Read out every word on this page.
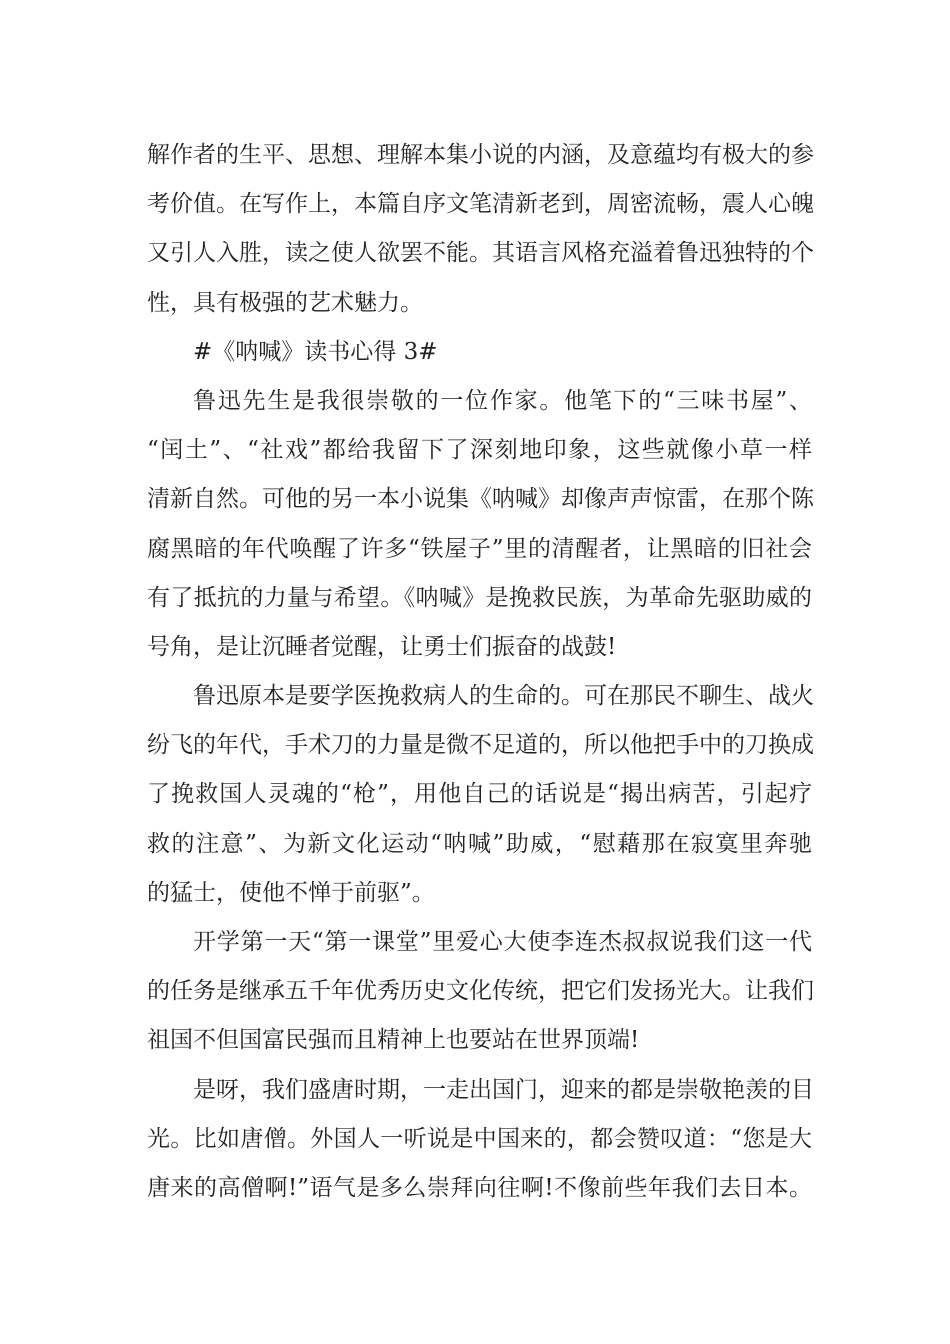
解作者的生平、思想、理解本集小说的内涵，及意蕴均有极大的参
考价值。在写作上，本篇自序文笔清新老到，周密流畅，震人心魄
又引人入胜，读之使人欲罢不能。其语言风格充溢着鲁迅独特的个
性，具有极强的艺术魅力。
#《呐喊》读书心得 3#
鲁迅先生是我很崇敬的一位作家。他笔下的“三味书屋”、
“闰土”、“社戏”都给我留下了深刻地印象，这些就像小草一样
清新自然。可他的另一本小说集《呐喊》却像声声惊雷，在那个陈
腐黑暗的年代唤醒了许多“铁屋子”里的清醒者，让黑暗的旧社会
有了抵抗的力量与希望。《呐喊》是挽救民族，为革命先驱助威的
号角，是让沉睡者觉醒，让勇士们振奋的战鼓!
鲁迅原本是要学医挽救病人的生命的。可在那民不聊生、战火
纷飞的年代，手术刀的力量是微不足道的，所以他把手中的刀换成
了挽救国人灵魂的“枪”，用他自己的话说是“揭出病苦，引起疗
救的注意”、为新文化运动“呐喊”助威，“慰藉那在寂寞里奔驰
的猛士，使他不惮于前驱”。
开学第一天“第一课堂”里爱心大使李连杰叔叔说我们这一代
的任务是继承五千年优秀历史文化传统，把它们发扬光大。让我们
祖国不但国富民强而且精神上也要站在世界顶端!
是呀，我们盛唐时期，一走出国门，迎来的都是崇敬艳羡的目
光。比如唐僧。外国人一听说是中国来的，都会赞叹道：“您是大
唐来的高僧啊!”语气是多么崇拜向往啊!不像前些年我们去日本。
